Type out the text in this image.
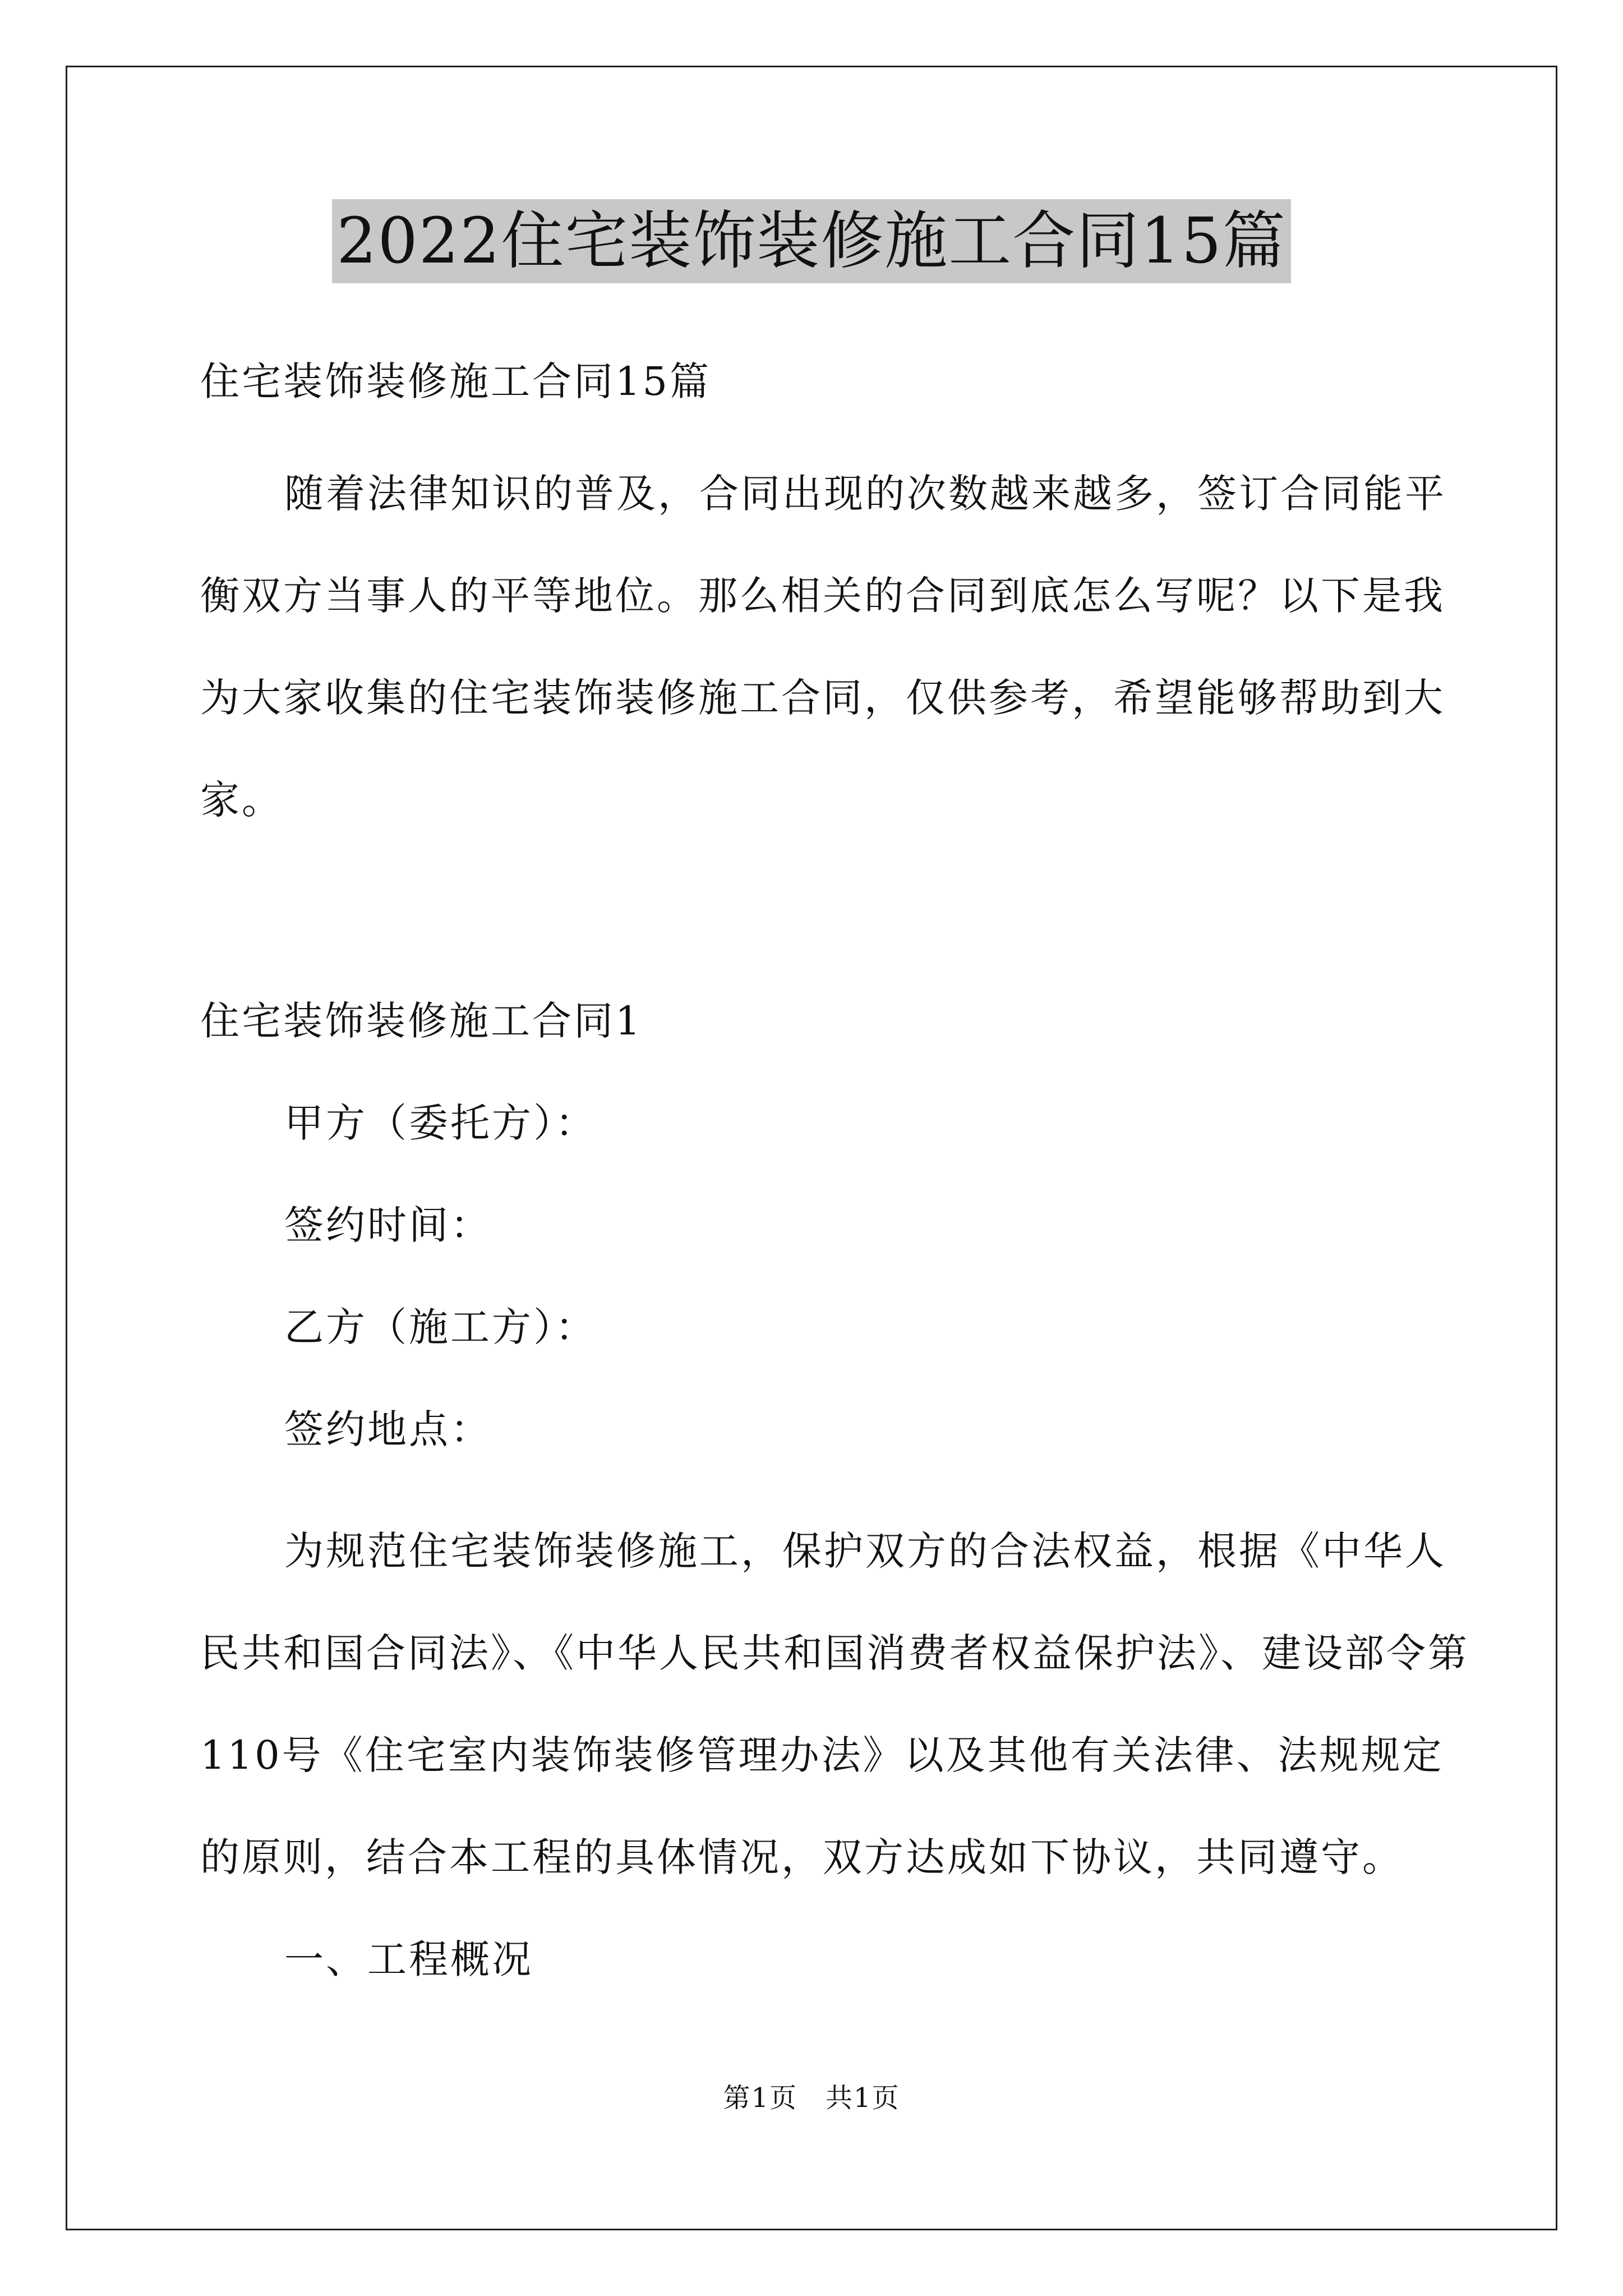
2022住宅装饰装修施工合同15篇
住宅装饰装修施工合同15篇
随着法律知识的普及，合同出现的次数越来越多，签订合同能平
衡双方当事人的平等地位。那么相关的合同到底怎么写呢？以下是我
为大家收集的住宅装饰装修施工合同，仅供参考，希望能够帮助到大
家。
住宅装饰装修施工合同1
甲方（委托方）：
签约时间：
乙方（施工方）：
签约地点：
为规范住宅装饰装修施工，保护双方的合法权益，根据《中华人
民共和国合同法》、《中华人民共和国消费者权益保护法》、建设部令第
110号《住宅室内装饰装修管理办法》以及其他有关法律、法规规定
的原则，结合本工程的具体情况，双方达成如下协议，共同遵守。
一、工程概况
第1页 共1页
